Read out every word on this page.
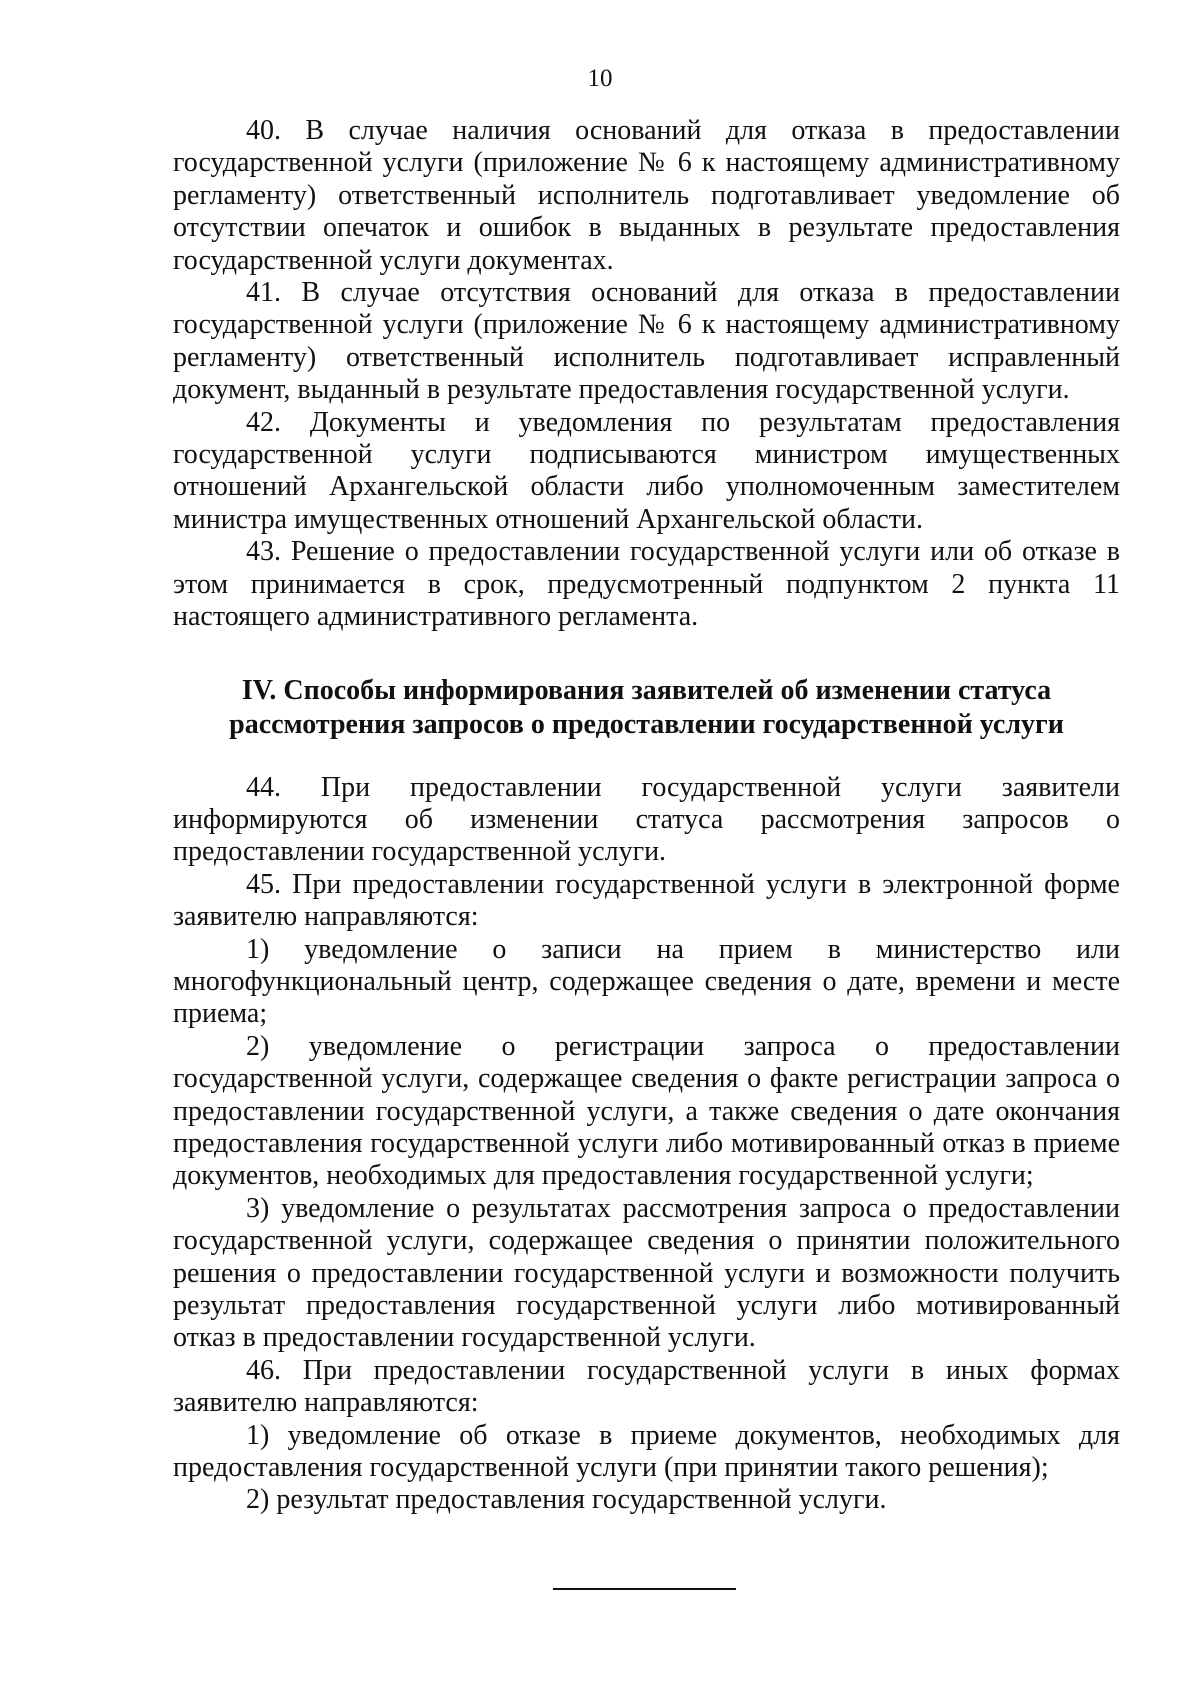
10

40. В случае наличия оснований для отказа в предоставлении государственной услуги (приложение № 6 к настоящему административному регламенту) ответственный исполнитель подготавливает уведомление об отсутствии опечаток и ошибок в выданных в результате предоставления государственной услуги документах.

41. В случае отсутствия оснований для отказа в предоставлении государственной услуги (приложение № 6 к настоящему административному регламенту) ответственный исполнитель подготавливает исправленный документ, выданный в результате предоставления государственной услуги.

42. Документы и уведомления по результатам предоставления государственной услуги подписываются министром имущественных отношений Архангельской области либо уполномоченным заместителем министра имущественных отношений Архангельской области.

43. Решение о предоставлении государственной услуги или об отказе в этом принимается в срок, предусмотренный подпунктом 2 пункта 11 настоящего административного регламента.

IV. Способы информирования заявителей об изменении статуса
рассмотрения запросов о предоставлении государственной услуги

44. При предоставлении государственной услуги заявители информируются об изменении статуса рассмотрения запросов о предоставлении государственной услуги.

45. При предоставлении государственной услуги в электронной форме заявителю направляются:

1) уведомление о записи на прием в министерство или многофункциональный центр, содержащее сведения о дате, времени и месте приема;

2) уведомление о регистрации запроса о предоставлении государственной услуги, содержащее сведения о факте регистрации запроса о предоставлении государственной услуги, а также сведения о дате окончания предоставления государственной услуги либо мотивированный отказ в приеме документов, необходимых для предоставления государственной услуги;

3) уведомление о результатах рассмотрения запроса о предоставлении государственной услуги, содержащее сведения о принятии положительного решения о предоставлении государственной услуги и возможности получить результат предоставления государственной услуги либо мотивированный отказ в предоставлении государственной услуги.

46. При предоставлении государственной услуги в иных формах заявителю направляются:

1) уведомление об отказе в приеме документов, необходимых для предоставления государственной услуги (при принятии такого решения);

2) результат предоставления государственной услуги.
